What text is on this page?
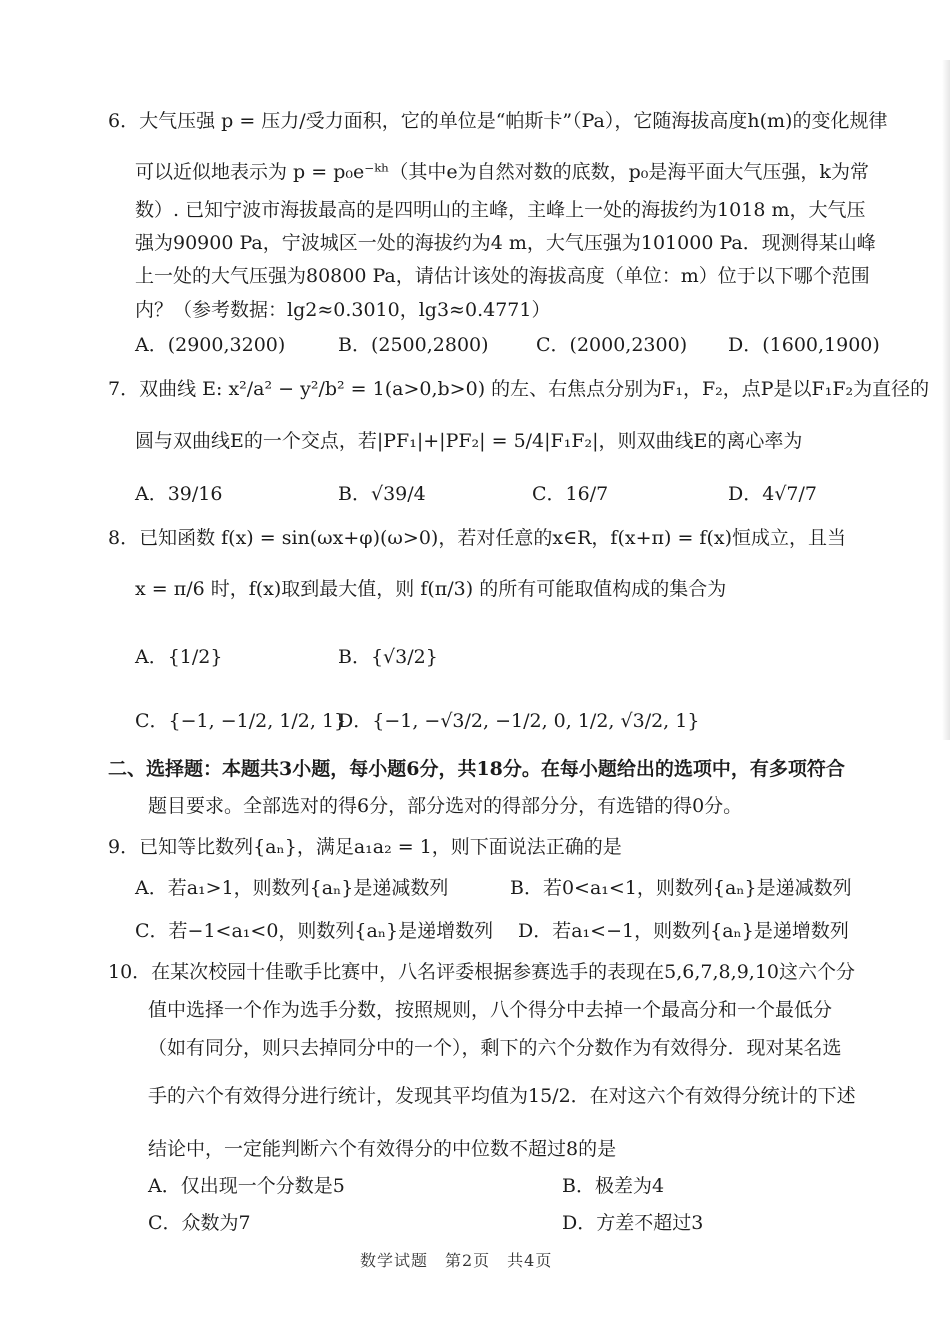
6．大气压强 p = 压力/受力面积，它的单位是“帕斯卡”（Pa），它随海拔高度h(m)的变化规律
可以近似地表示为 p = p₀e⁻ᵏʰ（其中e为自然对数的底数，p₀是海平面大气压强，k为常
数）. 已知宁波市海拔最高的是四明山的主峰，主峰上一处的海拔约为1018 m，大气压
强为90900 Pa，宁波城区一处的海拔约为4 m，大气压强为101000 Pa．现测得某山峰
上一处的大气压强为80800 Pa，请估计该处的海拔高度（单位：m）位于以下哪个范围
内？（参考数据：lg2≈0.3010，lg3≈0.4771）
A．(2900,3200)	B．(2500,2800) C．(2000,2300) D．(1600,1900)
7．双曲线 E: x²/a² − y²/b² = 1(a>0,b>0) 的左、右焦点分别为F₁，F₂，点P是以F₁F₂为直径的
圆与双曲线E的一个交点，若|PF₁|+|PF₂| = 5/4|F₁F₂|，则双曲线E的离心率为
A．39/16	B．√39/4	C．16/7	D．4√7/7
8．已知函数 f(x) = sin(ωx+φ)(ω>0)，若对任意的x∈R，f(x+π) = f(x)恒成立，且当
x = π/6 时，f(x)取到最大值，则 f(π/3) 的所有可能取值构成的集合为
A．{1/2}	B．{√3/2}
C．{−1, −1/2, 1/2, 1}
D．{−1, −√3/2, −1/2, 0, 1/2, √3/2, 1}
二、选择题：本题共3小题，每小题6分，共18分。在每小题给出的选项中，有多项符合
题目要求。全部选对的得6分，部分选对的得部分分，有选错的得0分。
9．已知等比数列{aₙ}，满足a₁a₂ = 1，则下面说法正确的是
A．若a₁>1，则数列{aₙ}是递减数列	B．若0<a₁<1，则数列{aₙ}是递减数列
C．若−1<a₁<0，则数列{aₙ}是递增数列 D．若a₁<−1，则数列{aₙ}是递增数列
10．在某次校园十佳歌手比赛中，八名评委根据参赛选手的表现在5,6,7,8,9,10这六个分
值中选择一个作为选手分数，按照规则，八个得分中去掉一个最高分和一个最低分
（如有同分，则只去掉同分中的一个），剩下的六个分数作为有效得分．现对某名选
手的六个有效得分进行统计，发现其平均值为15/2．在对这六个有效得分统计的下述
结论中，一定能判断六个有效得分的中位数不超过8的是
A．仅出现一个分数是5	B．极差为4
C．众数为7	D．方差不超过3
数学试题　第2页　共4页
